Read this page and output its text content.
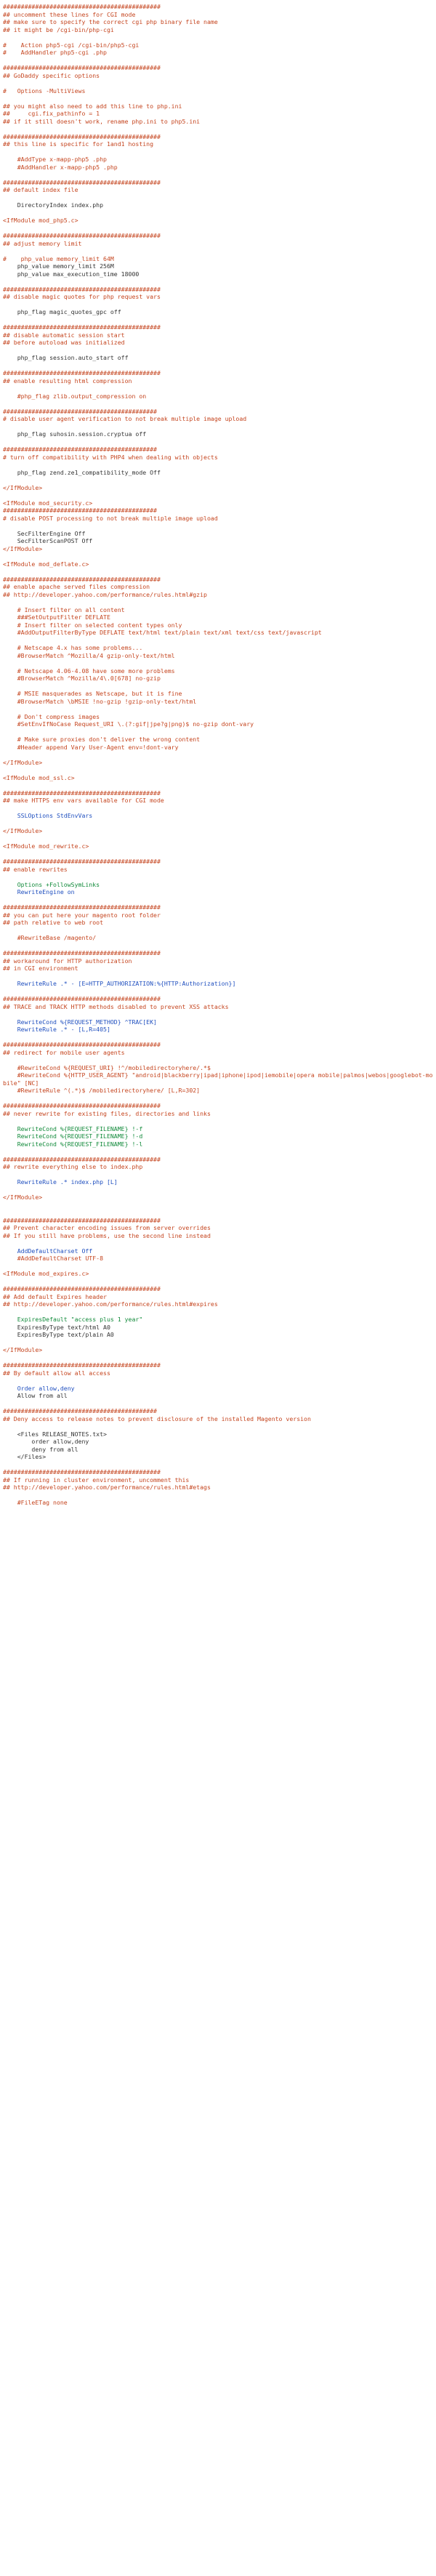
############################################
## uncomment these lines for CGI mode
## make sure to specify the correct cgi php binary file name
## it might be /cgi-bin/php-cgi
#    Action php5-cgi /cgi-bin/php5-cgi
#    AddHandler php5-cgi .php
############################################
## GoDaddy specific options
#   Options -MultiViews
## you might also need to add this line to php.ini
##     cgi.fix_pathinfo = 1
## if it still doesn't work, rename php.ini to php5.ini
############################################
## this line is specific for 1and1 hosting
#AddType x-mapp-php5 .php
#AddHandler x-mapp-php5 .php
############################################
## default index file
DirectoryIndex index.php
<IfModule mod_php5.c>
############################################
## adjust memory limit
#    php_value memory_limit 64M
php_value memory_limit 256M
php_value max_execution_time 18000
############################################
## disable magic quotes for php request vars
php_flag magic_quotes_gpc off
############################################
## disable automatic session start
## before autoload was initialized
php_flag session.auto_start off
############################################
## enable resulting html compression
#php_flag zlib.output_compression on
###########################################
# disable user agent verification to not break multiple image upload
php_flag suhosin.session.cryptua off
###########################################
# turn off compatibility with PHP4 when dealing with objects
php_flag zend.ze1_compatibility_mode Off
</IfModule>
<IfModule mod_security.c>
###########################################
# disable POST processing to not break multiple image upload
SecFilterEngine Off
SecFilterScanPOST Off
</IfModule>
<IfModule mod_deflate.c>
############################################
## enable apache served files compression
## http://developer.yahoo.com/performance/rules.html#gzip
# Insert filter on all content
###SetOutputFilter DEFLATE
# Insert filter on selected content types only
#AddOutputFilterByType DEFLATE text/html text/plain text/xml text/css text/javascript
# Netscape 4.x has some problems...
#BrowserMatch ^Mozilla/4 gzip-only-text/html
# Netscape 4.06-4.08 have some more problems
#BrowserMatch ^Mozilla/4\.0[678] no-gzip
# MSIE masquerades as Netscape, but it is fine
#BrowserMatch \bMSIE !no-gzip !gzip-only-text/html
# Don't compress images
#SetEnvIfNoCase Request_URI \.(?:gif|jpe?g|png)$ no-gzip dont-vary
# Make sure proxies don't deliver the wrong content
#Header append Vary User-Agent env=!dont-vary
</IfModule>
<IfModule mod_ssl.c>
############################################
## make HTTPS env vars available for CGI mode
SSLOptions StdEnvVars
</IfModule>
<IfModule mod_rewrite.c>
############################################
## enable rewrites
Options +FollowSymLinks
RewriteEngine on
############################################
## you can put here your magento root folder
## path relative to web root
#RewriteBase /magento/
############################################
## workaround for HTTP authorization
## in CGI environment
RewriteRule .* - [E=HTTP_AUTHORIZATION:%{HTTP:Authorization}]
############################################
## TRACE and TRACK HTTP methods disabled to prevent XSS attacks
RewriteCond %{REQUEST_METHOD} ^TRAC[EK]
RewriteRule .* - [L,R=405]
############################################
## redirect for mobile user agents
#RewriteCond %{REQUEST_URI} !^/mobiledirectoryhere/.*$
#RewriteCond %{HTTP_USER_AGENT} "android|blackberry|ipad|iphone|ipod|iemobile|opera mobile|palmos|webos|googlebot-mobile" [NC]
#RewriteRule ^(.*)$ /mobiledirectoryhere/ [L,R=302]
############################################
## never rewrite for existing files, directories and links
RewriteCond %{REQUEST_FILENAME} !-f
RewriteCond %{REQUEST_FILENAME} !-d
RewriteCond %{REQUEST_FILENAME} !-l
############################################
## rewrite everything else to index.php
RewriteRule .* index.php [L]
</IfModule>
############################################
## Prevent character encoding issues from server overrides
## If you still have problems, use the second line instead
AddDefaultCharset Off
#AddDefaultCharset UTF-8
<IfModule mod_expires.c>
############################################
## Add default Expires header
## http://developer.yahoo.com/performance/rules.html#expires
ExpiresDefault "access plus 1 year"
ExpiresByType text/html A0
ExpiresByType text/plain A0
</IfModule>
############################################
## By default allow all access
Order allow,deny
Allow from all
###########################################
## Deny access to release notes to prevent disclosure of the installed Magento version
<Files RELEASE_NOTES.txt>
order allow,deny
deny from all
</Files>
############################################
## If running in cluster environment, uncomment this
## http://developer.yahoo.com/performance/rules.html#etags
#FileETag none
